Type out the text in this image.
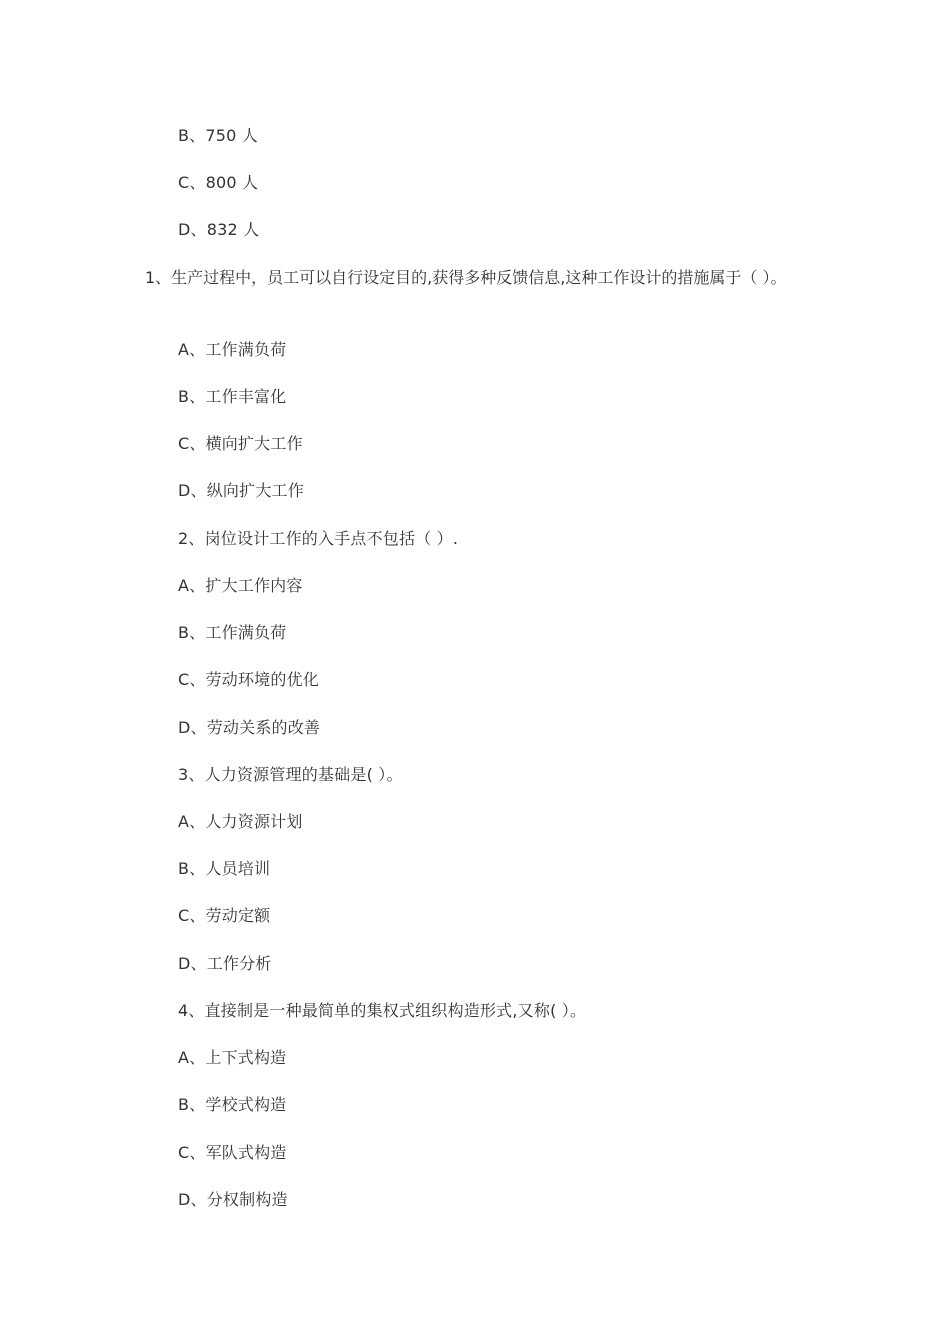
B、750 人
C、800 人
D、832 人
1、生产过程中，员工可以自行设定目的,获得多种反馈信息,这种工作设计的措施属于（ ）。
A、工作满负荷
B、工作丰富化
C、横向扩大工作
D、纵向扩大工作
2、岗位设计工作的入手点不包括（ ）.
A、扩大工作内容
B、工作满负荷
C、劳动环境的优化
D、劳动关系的改善
3、人力资源管理的基础是( ）。
A、人力资源计划
B、人员培训
C、劳动定额
D、工作分析
4、直接制是一种最简单的集权式组织构造形式,又称( ）。
A、上下式构造
B、学校式构造
C、军队式构造
D、分权制构造
